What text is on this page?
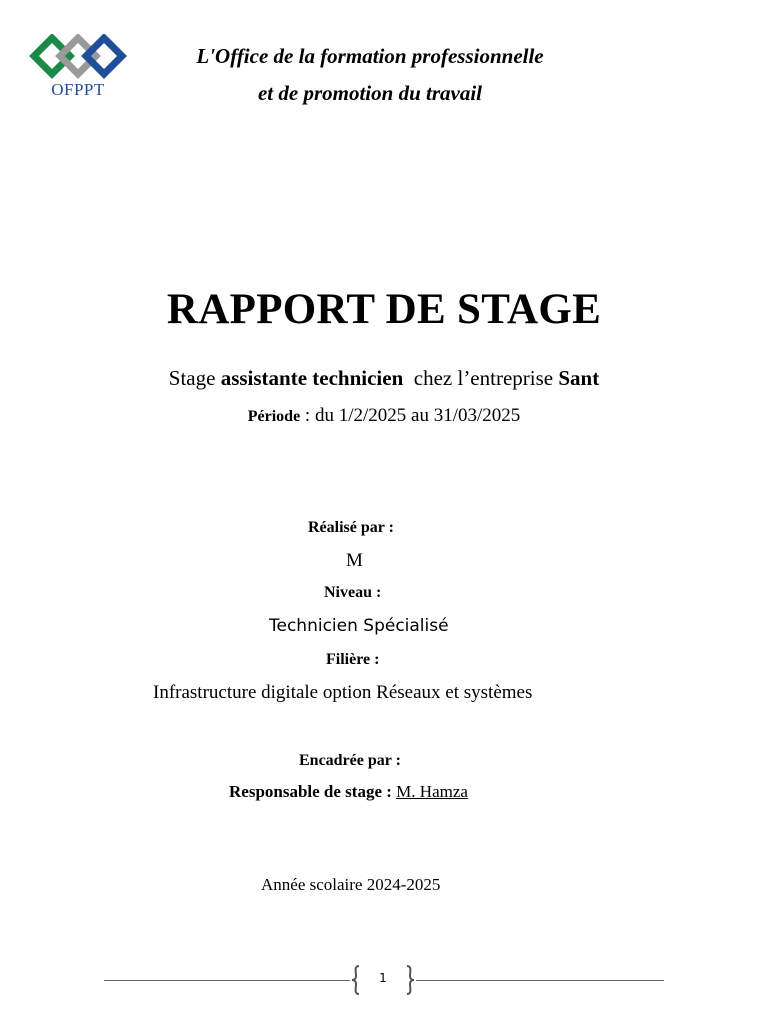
OFPPT
L'Office de la formation professionnelle
et de promotion du travail
RAPPORT DE STAGE
Stage assistante technicien  chez l’entreprise Sant
Période : du 1/2/2025 au 31/03/2025
Réalisé par :
M
Niveau :
Technicien Spécialisé
Filière :
Infrastructure digitale option Réseaux et systèmes
Encadrée par :
Responsable de stage : M. Hamza
Année scolaire 2024-2025
1
